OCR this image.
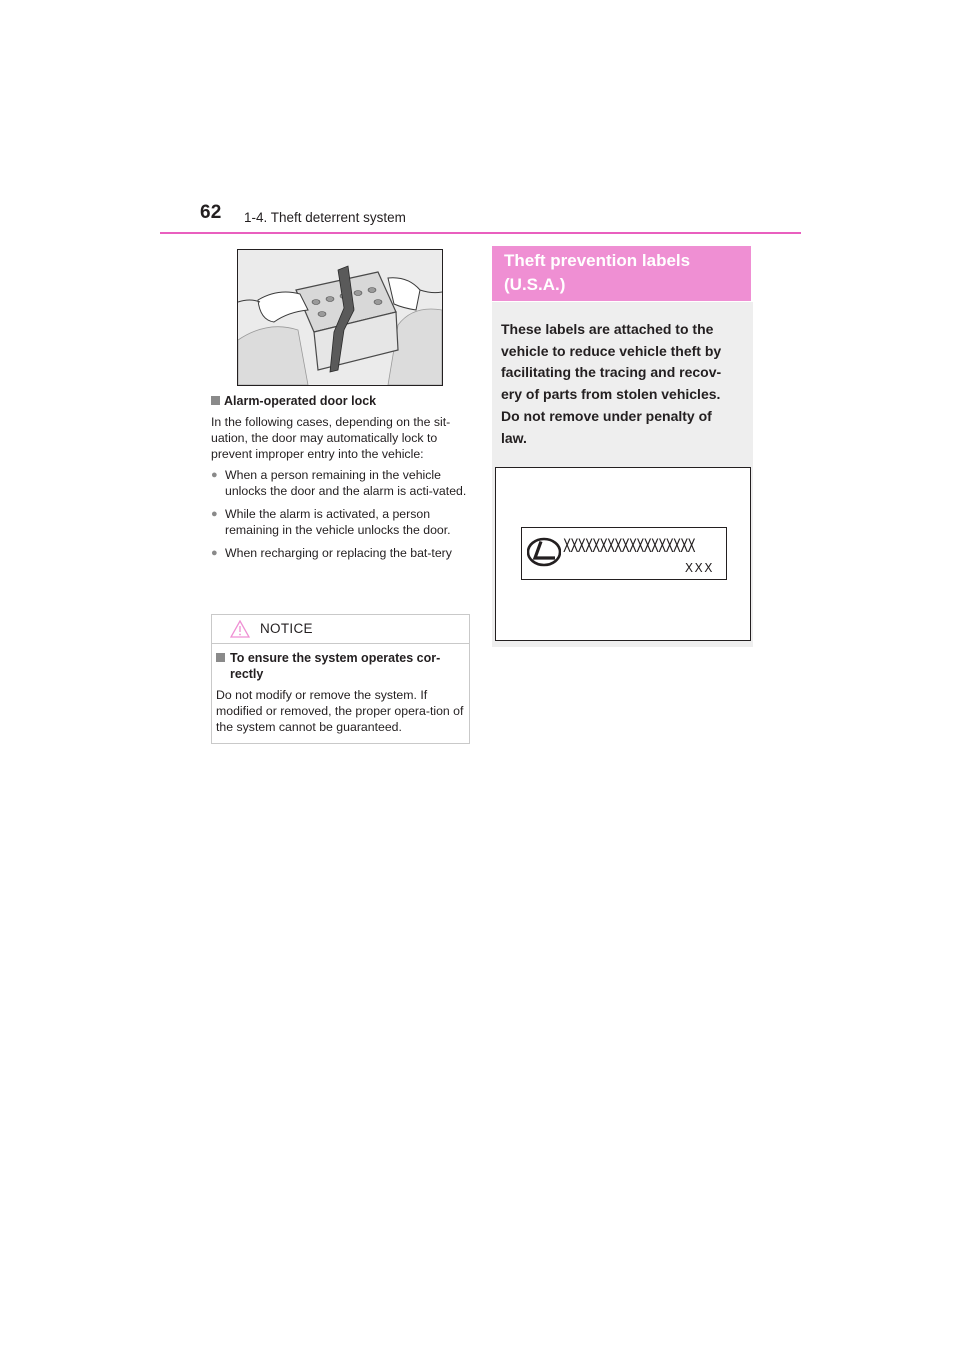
62 1-4. Theft deterrent system

Alarm-operated door lock

In the following cases, depending on the sit-uation, the door may automatically lock to prevent improper entry into the vehicle:

● When a person remaining in the vehicle unlocks the door and the alarm is acti-vated.
● While the alarm is activated, a person remaining in the vehicle unlocks the door.
● When recharging or replacing the bat-tery
NOTICE
To ensure the system operates cor-rectly

Do not modify or remove the system. If modified or removed, the proper opera-tion of the system cannot be guaranteed.

Theft prevention labels (U.S.A.)

These labels are attached to the vehicle to reduce vehicle theft by facilitating the tracing and recov-ery of parts from stolen vehicles. Do not remove under penalty of law.

XXXXXXXXXXXXXXXXXX
XXX
